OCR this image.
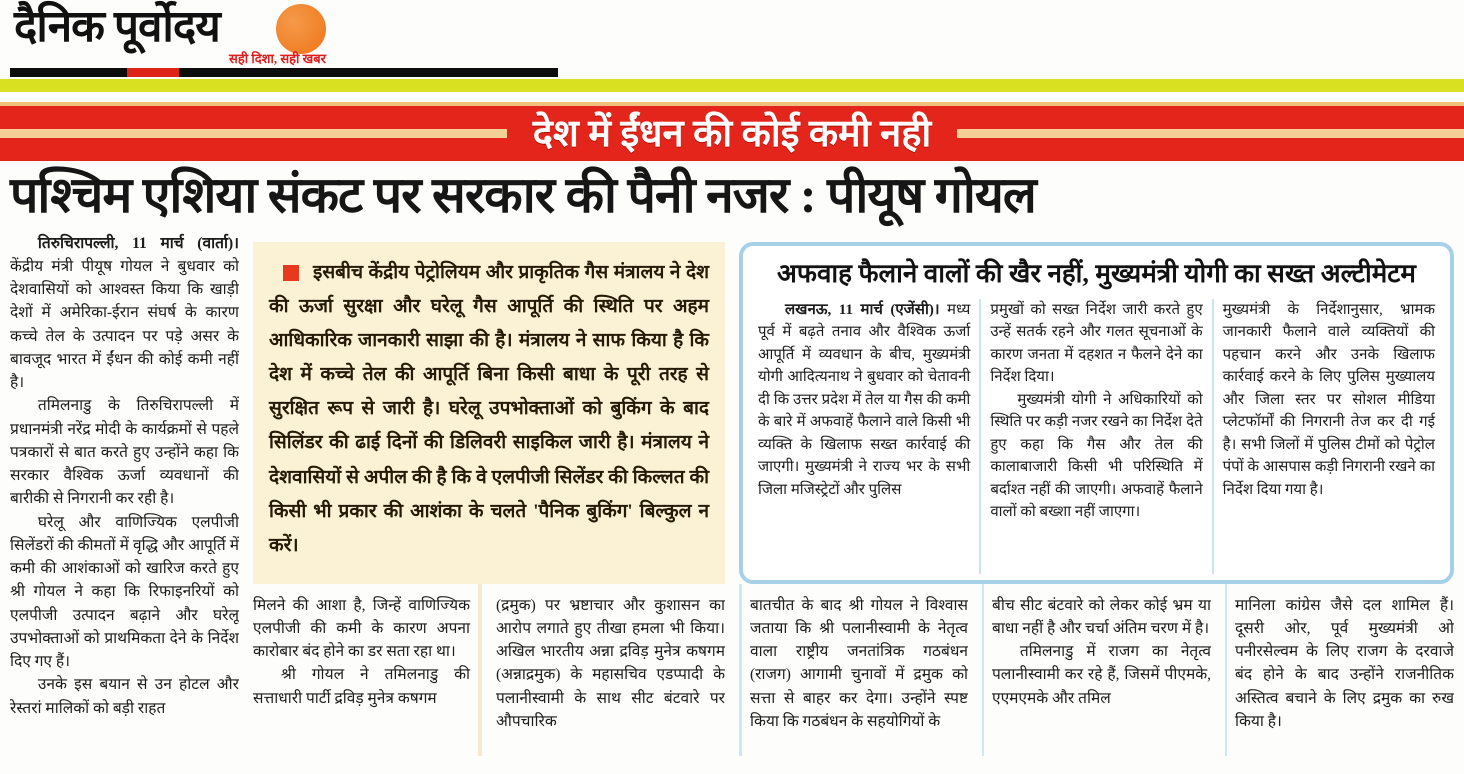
दैनिक पूर्वोदय
सही दिशा, सही खबर
देश में ईंधन की कोई कमी नही
पश्चिम एशिया संकट पर सरकार की पैनी नजर : पीयूष गोयल

तिरुचिरापल्ली, 11 मार्च (वार्ता)। केंद्रीय मंत्री पीयूष गोयल ने बुधवार को देशवासियों को आश्वस्त किया कि खाड़ी देशों में अमेरिका-ईरान संघर्ष के कारण कच्चे तेल के उत्पादन पर पड़े असर के बावजूद भारत में ईंधन की कोई कमी नहीं है।

तमिलनाडु के तिरुचिरापल्ली में प्रधानमंत्री नरेंद्र मोदी के कार्यक्रमों से पहले पत्रकारों से बात करते हुए उन्होंने कहा कि सरकार वैश्विक ऊर्जा व्यवधानों की बारीकी से निगरानी कर रही है।

घरेलू और वाणिज्यिक एलपीजी सिलेंडरों की कीमतों में वृद्धि और आपूर्ति में कमी की आशंकाओं को खारिज करते हुए श्री गोयल ने कहा कि रिफाइनरियों को एलपीजी उत्पादन बढ़ाने और घरेलू उपभोक्ताओं को प्राथमिकता देने के निर्देश दिए गए हैं।

उनके इस बयान से उन होटल और रेस्तरां मालिकों को बड़ी राहत

इसबीच केंद्रीय पेट्रोलियम और प्राकृतिक गैस मंत्रालय ने देश की ऊर्जा सुरक्षा और घरेलू गैस आपूर्ति की स्थिति पर अहम आधिकारिक जानकारी साझा की है। मंत्रालय ने साफ किया है कि देश में कच्चे तेल की आपूर्ति बिना किसी बाधा के पूरी तरह से सुरक्षित रूप से जारी है। घरेलू उपभोक्ताओं को बुकिंग के बाद सिलिंडर की ढाई दिनों की डिलिवरी साइकिल जारी है। मंत्रालय ने देशवासियों से अपील की है कि वे एलपीजी सिलेंडर की किल्लत की किसी भी प्रकार की आशंका के चलते 'पैनिक बुकिंग' बिल्कुल न करें।

अफवाह फैलाने वालों की खैर नहीं, मुख्यमंत्री योगी का सख्त अल्टीमेटम

लखनऊ, 11 मार्च (एजेंसी)। मध्य पूर्व में बढ़ते तनाव और वैश्विक ऊर्जा आपूर्ति में व्यवधान के बीच, मुख्यमंत्री योगी आदित्यनाथ ने बुधवार को चेतावनी दी कि उत्तर प्रदेश में तेल या गैस की कमी के बारे में अफवाहें फैलाने वाले किसी भी व्यक्ति के खिलाफ सख्त कार्रवाई की जाएगी। मुख्यमंत्री ने राज्य भर के सभी जिला मजिस्ट्रेटों और पुलिस

प्रमुखों को सख्त निर्देश जारी करते हुए उन्हें सतर्क रहने और गलत सूचनाओं के कारण जनता में दहशत न फैलने देने का निर्देश दिया।

मुख्यमंत्री योगी ने अधिकारियों को स्थिति पर कड़ी नजर रखने का निर्देश देते हुए कहा कि गैस और तेल की कालाबाजारी किसी भी परिस्थिति में बर्दाश्त नहीं की जाएगी। अफवाहें फैलाने वालों को बख्शा नहीं जाएगा।

मुख्यमंत्री के निर्देशानुसार, भ्रामक जानकारी फैलाने वाले व्यक्तियों की पहचान करने और उनके खिलाफ कार्रवाई करने के लिए पुलिस मुख्यालय और जिला स्तर पर सोशल मीडिया प्लेटफॉर्मों की निगरानी तेज कर दी गई है। सभी जिलों में पुलिस टीमों को पेट्रोल पंपों के आसपास कड़ी निगरानी रखने का निर्देश दिया गया है।

मिलने की आशा है, जिन्हें वाणिज्यिक एलपीजी की कमी के कारण अपना कारोबार बंद होने का डर सता रहा था।

श्री गोयल ने तमिलनाडु की सत्ताधारी पार्टी द्रविड़ मुनेत्र कषगम

(द्रमुक) पर भ्रष्टाचार और कुशासन का आरोप लगाते हुए तीखा हमला भी किया। अखिल भारतीय अन्ना द्रविड़ मुनेत्र कषगम (अन्नाद्रमुक) के महासचिव एडप्पादी के पलानीस्वामी के साथ सीट बंटवारे पर औपचारिक

बातचीत के बाद श्री गोयल ने विश्वास जताया कि श्री पलानीस्वामी के नेतृत्व वाला राष्ट्रीय जनतांत्रिक गठबंधन (राजग) आगामी चुनावों में द्रमुक को सत्ता से बाहर कर देगा। उन्होंने स्पष्ट किया कि गठबंधन के सहयोगियों के

बीच सीट बंटवारे को लेकर कोई भ्रम या बाधा नहीं है और चर्चा अंतिम चरण में है।

तमिलनाडु में राजग का नेतृत्व पलानीस्वामी कर रहे हैं, जिसमें पीएमके, एएमएमके और तमिल

मानिला कांग्रेस जैसे दल शामिल हैं। दूसरी ओर, पूर्व मुख्यमंत्री ओ पनीरसेल्वम के लिए राजग के दरवाजे बंद होने के बाद उन्होंने राजनीतिक अस्तित्व बचाने के लिए द्रमुक का रुख किया है।
